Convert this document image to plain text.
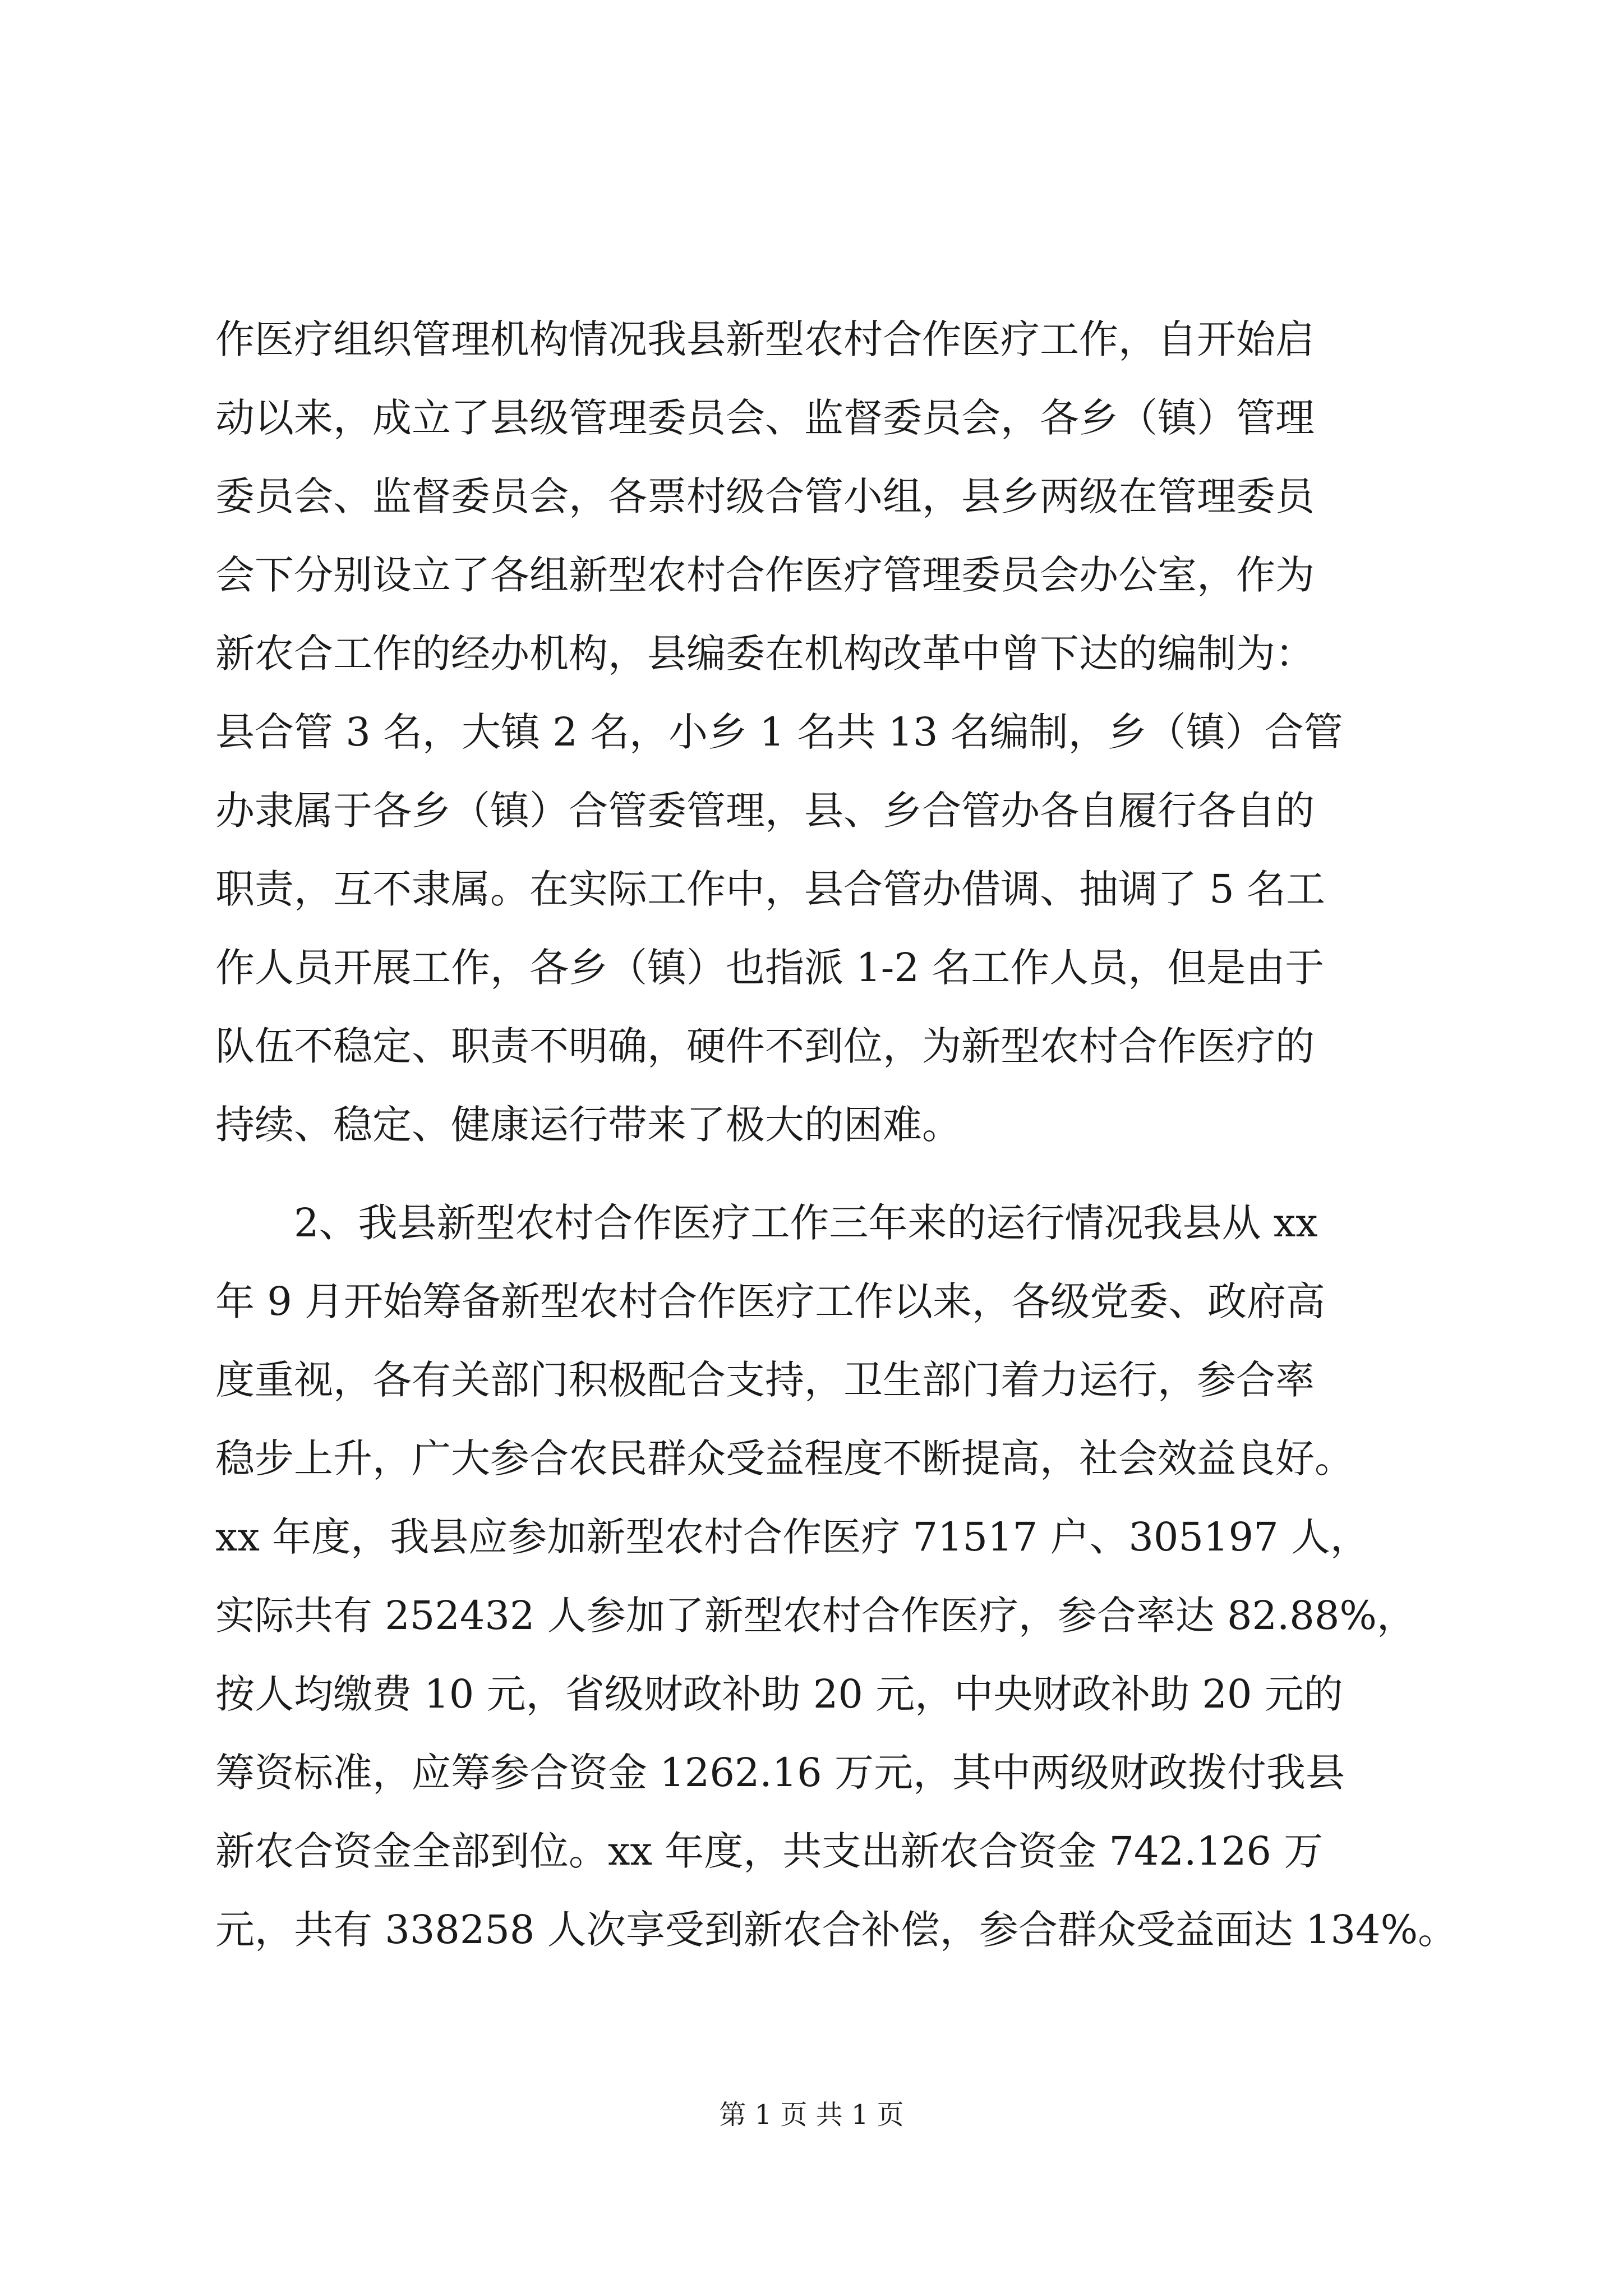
作医疗组织管理机构情况我县新型农村合作医疗工作，自开始启
动以来，成立了县级管理委员会、监督委员会，各乡（镇）管理
委员会、监督委员会，各票村级合管小组，县乡两级在管理委员
会下分别设立了各组新型农村合作医疗管理委员会办公室，作为
新农合工作的经办机构，县编委在机构改革中曾下达的编制为：
县合管 3 名，大镇 2 名，小乡 1 名共 13 名编制，乡（镇）合管
办隶属于各乡（镇）合管委管理，县、乡合管办各自履行各自的
职责，互不隶属。在实际工作中，县合管办借调、抽调了 5 名工
作人员开展工作，各乡（镇）也指派 1-2 名工作人员，但是由于
队伍不稳定、职责不明确，硬件不到位，为新型农村合作医疗的
持续、稳定、健康运行带来了极大的困难。
2、我县新型农村合作医疗工作三年来的运行情况我县从 xx
年 9 月开始筹备新型农村合作医疗工作以来，各级党委、政府高
度重视，各有关部门积极配合支持，卫生部门着力运行，参合率
稳步上升，广大参合农民群众受益程度不断提高，社会效益良好。
xx 年度，我县应参加新型农村合作医疗 71517 户、305197 人，
实际共有 252432 人参加了新型农村合作医疗，参合率达 82.88%，
按人均缴费 10 元，省级财政补助 20 元，中央财政补助 20 元的
筹资标准，应筹参合资金 1262.16 万元，其中两级财政拨付我县
新农合资金全部到位。xx 年度，共支出新农合资金 742.126 万
元，共有 338258 人次享受到新农合补偿，参合群众受益面达 134%。
第 1 页 共 1 页
